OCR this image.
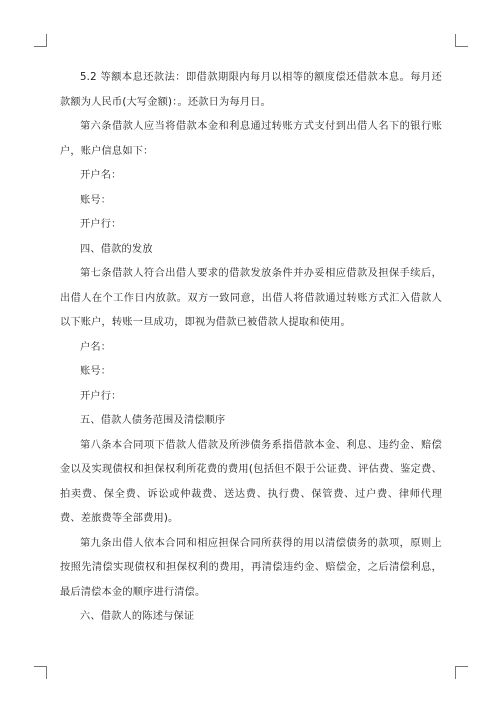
5.2 等额本息还款法：即借款期限内每月以相等的额度偿还借款本息。每月还款额为人民币(大写金额)：。还款日为每月日。

第六条借款人应当将借款本金和利息通过转账方式支付到出借人名下的银行账户，账户信息如下：

开户名：

账号：

开户行：

四、借款的发放

第七条借款人符合出借人要求的借款发放条件并办妥相应借款及担保手续后，出借人在个工作日内放款。双方一致同意，出借人将借款通过转账方式汇入借款人以下账户，转账一旦成功，即视为借款已被借款人提取和使用。

户名：

账号：

开户行：

五、借款人债务范围及清偿顺序

第八条本合同项下借款人借款及所涉债务系指借款本金、利息、违约金、赔偿金以及实现债权和担保权利所花费的费用(包括但不限于公证费、评估费、鉴定费、拍卖费、保全费、诉讼或仲裁费、送达费、执行费、保管费、过户费、律师代理费、差旅费等全部费用)。

第九条出借人依本合同和相应担保合同所获得的用以清偿债务的款项，原则上按照先清偿实现债权和担保权利的费用，再清偿违约金、赔偿金，之后清偿利息，最后清偿本金的顺序进行清偿。

六、借款人的陈述与保证
